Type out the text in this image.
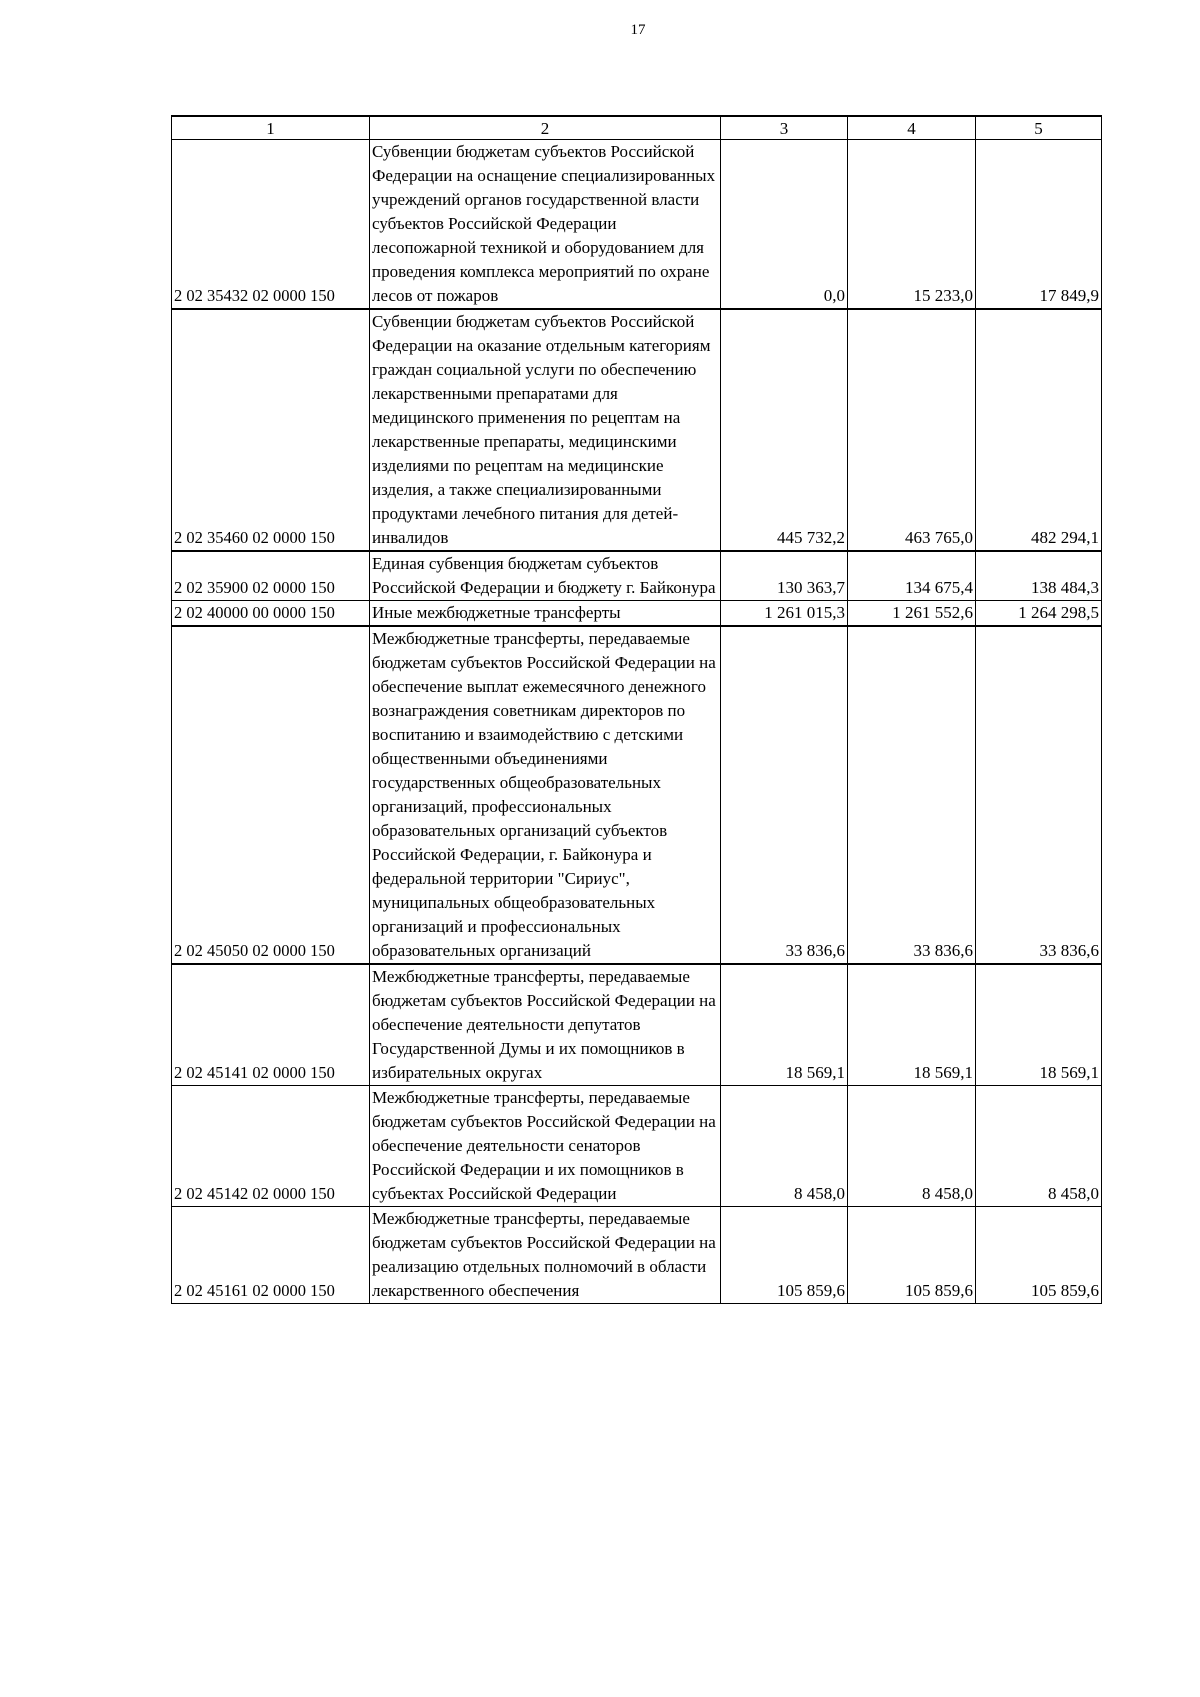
17
1	2	3	4	5
2 02 35432 02 0000 150	Субвенции бюджетам субъектов Российской Федерации на оснащение специализированных учреждений органов государственной власти субъектов Российской Федерации лесопожарной техникой и оборудованием для проведения комплекса мероприятий по охране лесов от пожаров	0,0	15 233,0	17 849,9
2 02 35460 02 0000 150	Субвенции бюджетам субъектов Российской Федерации на оказание отдельным категориям граждан социальной услуги по обеспечению лекарственными препаратами для медицинского применения по рецептам на лекарственные препараты, медицинскими изделиями по рецептам на медицинские изделия, а также специализированными продуктами лечебного питания для детей-инвалидов	445 732,2	463 765,0	482 294,1
2 02 35900 02 0000 150	Единая субвенция бюджетам субъектов Российской Федерации и бюджету г. Байконура	130 363,7	134 675,4	138 484,3
2 02 40000 00 0000 150	Иные межбюджетные трансферты	1 261 015,3	1 261 552,6	1 264 298,5
2 02 45050 02 0000 150	Межбюджетные трансферты, передаваемые бюджетам субъектов Российской Федерации на обеспечение выплат ежемесячного денежного вознаграждения советникам директоров по воспитанию и взаимодействию с детскими общественными объединениями государственных общеобразовательных организаций, профессиональных образовательных организаций субъектов Российской Федерации, г. Байконура и федеральной территории "Сириус", муниципальных общеобразовательных организаций и профессиональных образовательных организаций	33 836,6	33 836,6	33 836,6
2 02 45141 02 0000 150	Межбюджетные трансферты, передаваемые бюджетам субъектов Российской Федерации на обеспечение деятельности депутатов Государственной Думы и их помощников в избирательных округах	18 569,1	18 569,1	18 569,1
2 02 45142 02 0000 150	Межбюджетные трансферты, передаваемые бюджетам субъектов Российской Федерации на обеспечение деятельности сенаторов Российской Федерации и их помощников в субъектах Российской Федерации	8 458,0	8 458,0	8 458,0
2 02 45161 02 0000 150	Межбюджетные трансферты, передаваемые бюджетам субъектов Российской Федерации на реализацию отдельных полномочий в области лекарственного обеспечения	105 859,6	105 859,6	105 859,6
